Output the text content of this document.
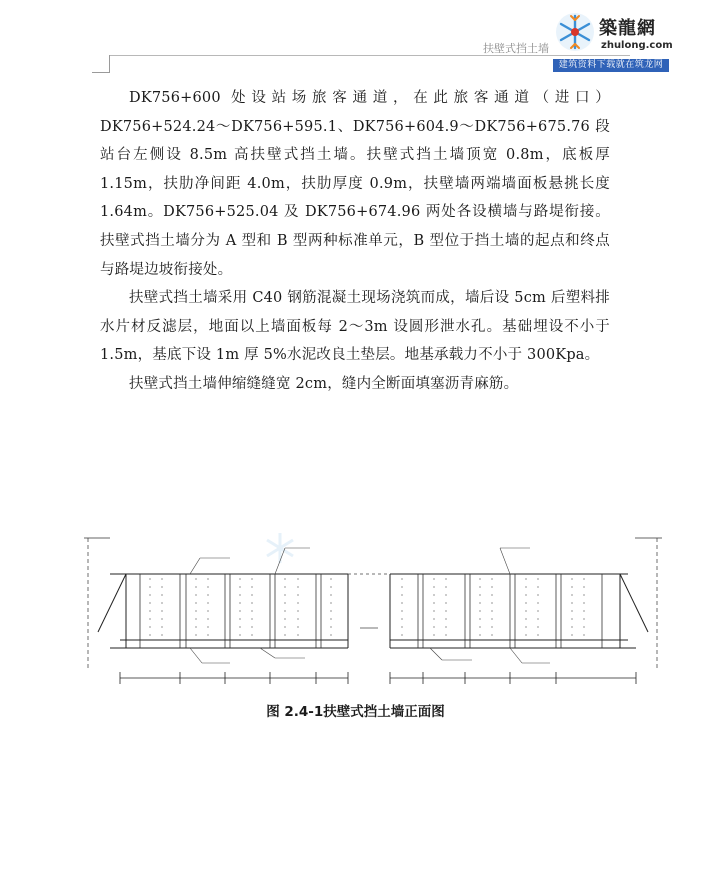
扶壁式挡土墙
築龍網
zhulong.com
建筑资料下载就在筑龙网

DK756+600 处设站场旅客通道，在此旅客通道（进口）DK756+524.24～DK756+595.1、DK756+604.9～DK756+675.76 段站台左侧设 8.5m 高扶壁式挡土墙。扶壁式挡土墙顶宽 0.8m，底板厚 1.15m，扶肋净间距 4.0m，扶肋厚度 0.9m，扶壁墙两端墙面板悬挑长度 1.64m。DK756+525.04 及 DK756+674.96 两处各设横墙与路堤衔接。扶壁式挡土墙分为 A 型和 B 型两种标准单元，B 型位于挡土墙的起点和终点与路堤边坡衔接处。

扶壁式挡土墙采用 C40 钢筋混凝土现场浇筑而成，墙后设 5cm 后塑料排水片材反滤层，地面以上墙面板每 2～3m 设圆形泄水孔。基础埋设不小于 1.5m，基底下设 1m 厚 5%水泥改良土垫层。地基承载力不小于 300Kpa。

扶壁式挡土墙伸缩缝缝宽 2cm，缝内全断面填塞沥青麻筋。

图 2.4-1扶壁式挡土墙正面图
